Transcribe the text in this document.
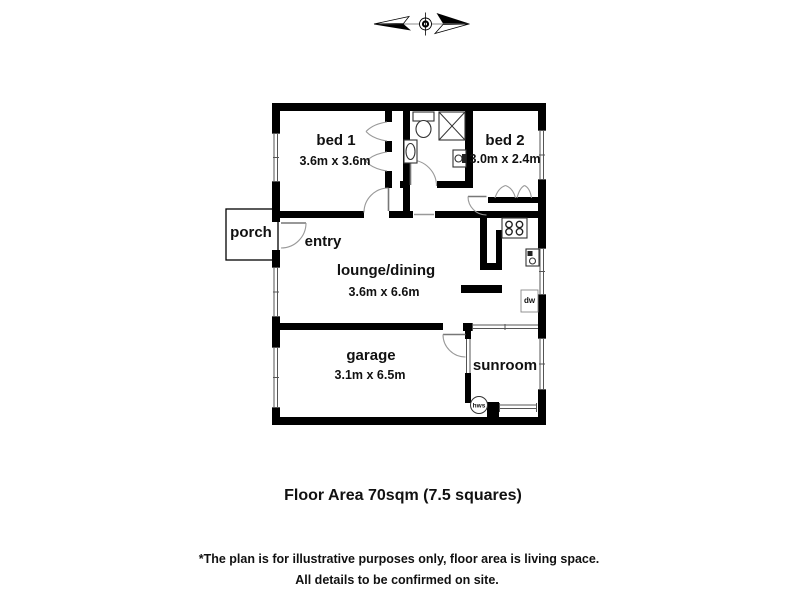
dw
hws
bed 1
3.6m x 3.6m
bed 2
3.0m x 2.4m
porch
entry
lounge/dining
3.6m x 6.6m
garage
3.1m x 6.5m
sunroom
Floor Area 70sqm (7.5 squares)
*The plan is for illustrative purposes only, floor area is living space.
All details to be confirmed on site.
